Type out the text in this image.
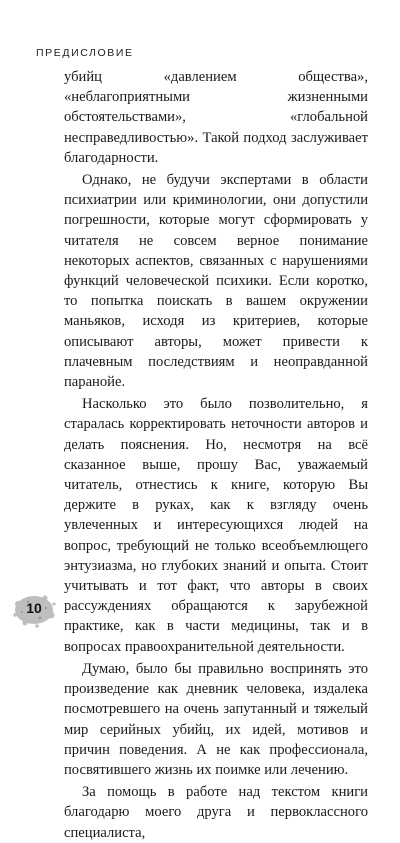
ПРЕДИСЛОВИЕ

убийц «давлением общества», «неблагоприятными жизненными обстоятельствами», «глобальной несправедливостью». Такой подход заслуживает благодарности.

Однако, не будучи экспертами в области психиатрии или криминологии, они допустили погрешности, которые могут сформировать у читателя не совсем верное понимание некоторых аспектов, связанных с нарушениями функций человеческой психики. Если коротко, то попытка поискать в вашем окружении маньяков, исходя из критериев, которые описывают авторы, может привести к плачевным последствиям и неоправданной паранойе.

Насколько это было позволительно, я старалась корректировать неточности авторов и делать пояснения. Но, несмотря на всё сказанное выше, прошу Вас, уважаемый читатель, отнестись к книге, которую Вы держите в руках, как к взгляду очень увлеченных и интересующихся людей на вопрос, требующий не только всеобъемлющего энтузиазма, но глубоких знаний и опыта. Стоит учитывать и тот факт, что авторы в своих рассуждениях обращаются к зарубежной практике, как в части медицины, так и в вопросах правоохранительной деятельности.

Думаю, было бы правильно воспринять это произведение как дневник человека, издалека посмотревшего на очень запутанный и тяжелый мир серийных убийц, их идей, мотивов и причин поведения. А не как профессионала, посвятившего жизнь их поимке или лечению.

За помощь в работе над текстом книги благодарю моего друга и первоклассного специалиста,

10
